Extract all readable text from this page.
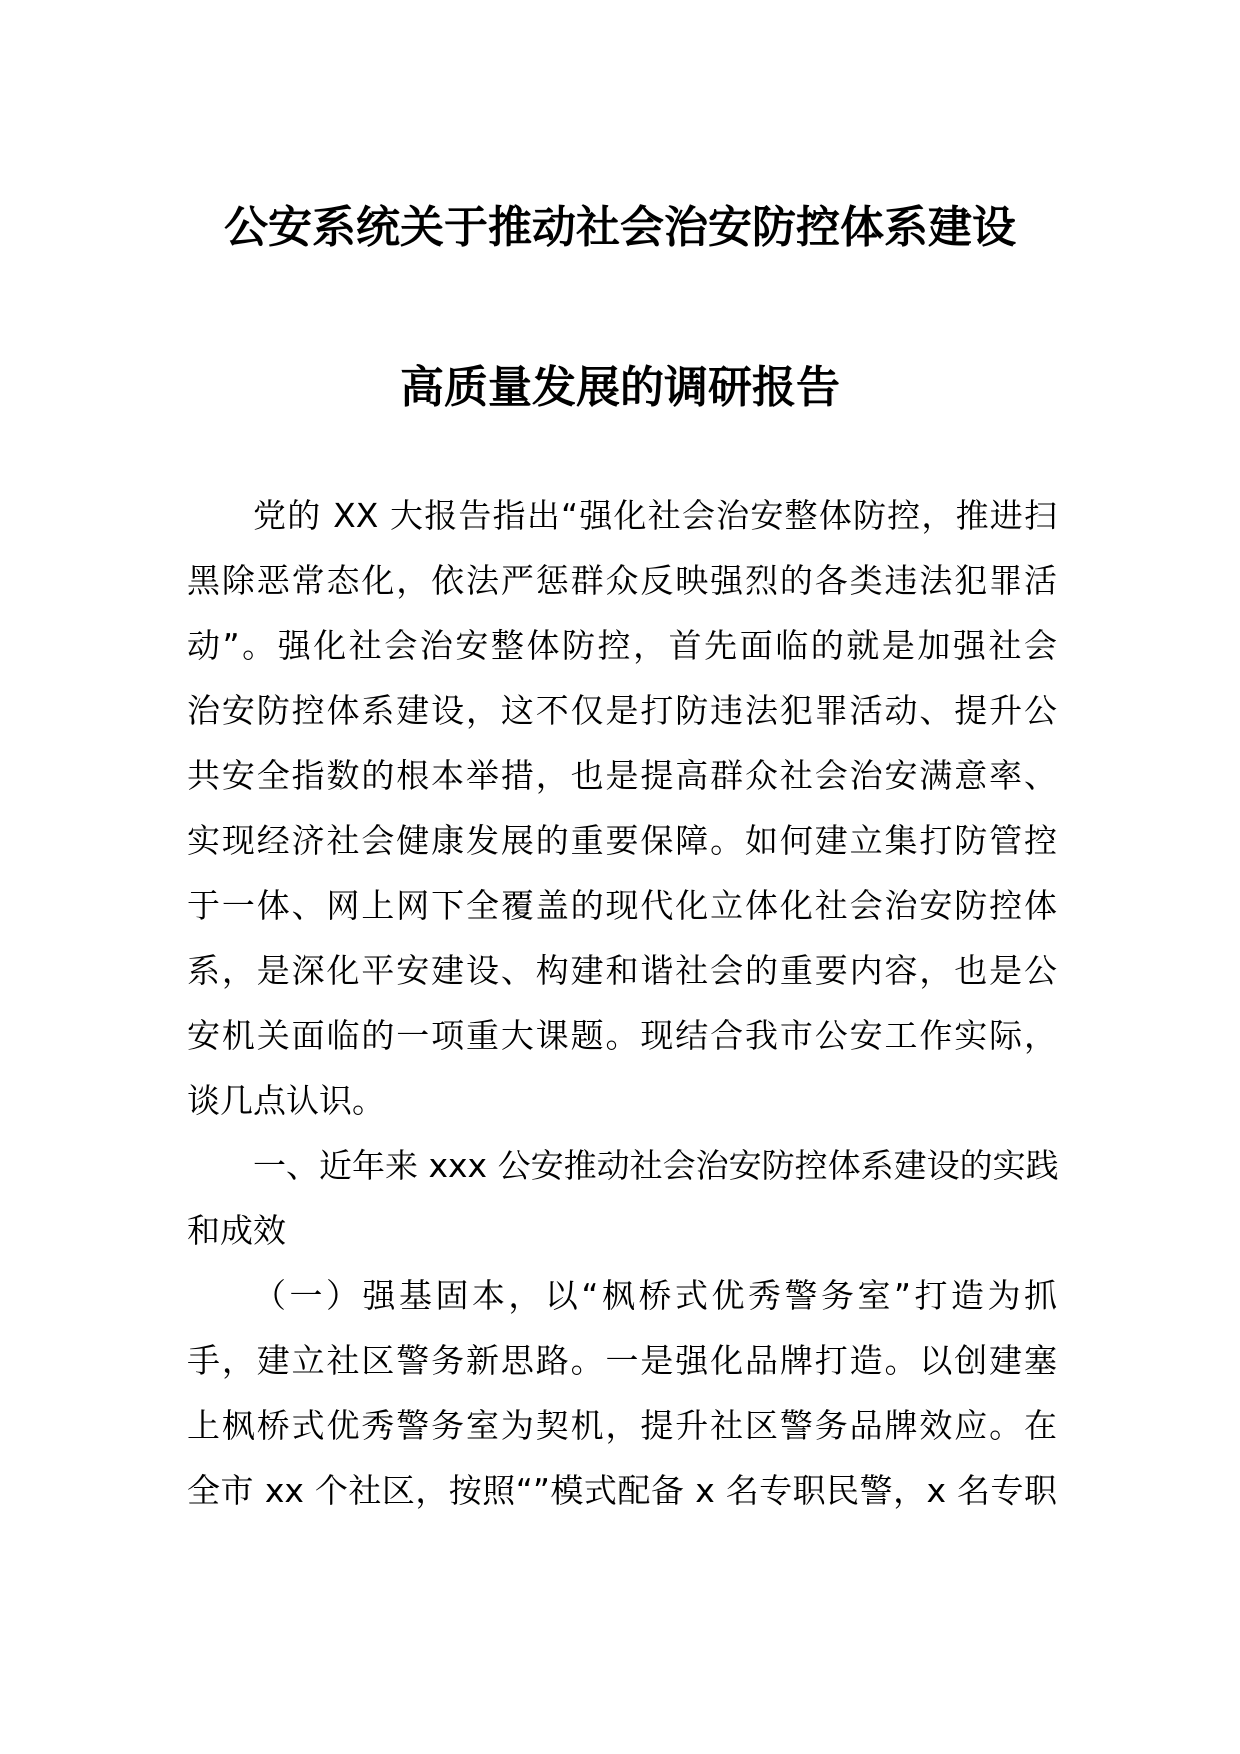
公安系统关于推动社会治安防控体系建设
高质量发展的调研报告
党的 XX 大报告指出“强化社会治安整体防控，推进扫
黑除恶常态化，依法严惩群众反映强烈的各类违法犯罪活
动”。强化社会治安整体防控，首先面临的就是加强社会
治安防控体系建设，这不仅是打防违法犯罪活动、提升公
共安全指数的根本举措，也是提高群众社会治安满意率、
实现经济社会健康发展的重要保障。如何建立集打防管控
于一体、网上网下全覆盖的现代化立体化社会治安防控体
系，是深化平安建设、构建和谐社会的重要内容，也是公
安机关面临的一项重大课题。现结合我市公安工作实际，
谈几点认识。
一、近年来 xxx 公安推动社会治安防控体系建设的实践
和成效
（一）强基固本，以“枫桥式优秀警务室”打造为抓
手，建立社区警务新思路。一是强化品牌打造。以创建塞
上枫桥式优秀警务室为契机，提升社区警务品牌效应。在
全市 xx 个社区，按照“”模式配备 x 名专职民警，x 名专职
